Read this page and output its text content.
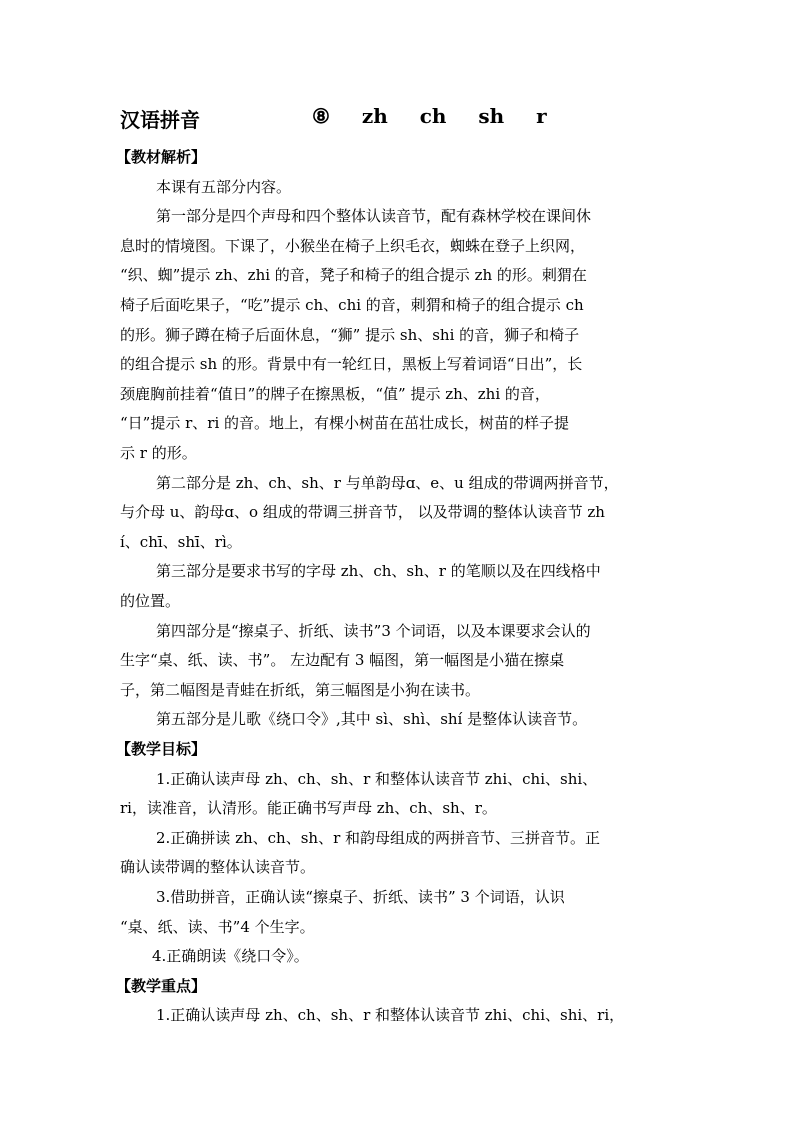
汉语拼音	⑧ zh ch sh r
【教材解析】
本课有五部分内容。
第一部分是四个声母和四个整体认读音节，配有森林学校在课间休
息时的情境图。下课了，小猴坐在椅子上织毛衣，蜘蛛在登子上织网，
“织、蜘”提示 zh、zhi 的音，凳子和椅子的组合提示 zh 的形。刺猬在
椅子后面吃果子，“吃”提示 ch、chi 的音，刺猬和椅子的组合提示 ch
的形。狮子蹲在椅子后面休息，“狮” 提示 sh、shi 的音，狮子和椅子
的组合提示 sh 的形。背景中有一轮红日，黑板上写着词语“日出”，长
颈鹿胸前挂着“值日”的牌子在擦黑板，“值” 提示 zh、zhi 的音，
“日”提示 r、ri 的音。地上，有棵小树苗在茁壮成长，树苗的样子提
示 r 的形。
第二部分是 zh、ch、sh、r 与单韵母ɑ、e、u 组成的带调两拼音节，
与介母 u、韵母ɑ、o 组成的带调三拼音节， 以及带调的整体认读音节 zh
í、chī、shī、rì。
第三部分是要求书写的字母 zh、ch、sh、r 的笔顺以及在四线格中
的位置。
第四部分是“擦桌子、折纸、读书”3 个词语，以及本课要求会认的
生字“桌、纸、读、书”。 左边配有 3 幅图，第一幅图是小猫在擦桌
子，第二幅图是青蛙在折纸，第三幅图是小狗在读书。
第五部分是儿歌《绕口令》,其中 sì、shì、shí 是整体认读音节。
【教学目标】
1.正确认读声母 zh、ch、sh、r 和整体认读音节 zhi、chi、shi、
ri，读准音，认清形。能正确书写声母 zh、ch、sh、r。
2.正确拼读 zh、ch、sh、r 和韵母组成的两拼音节、三拼音节。正
确认读带调的整体认读音节。
3.借助拼音，正确认读“擦桌子、折纸、读书” 3 个词语，认识
“桌、纸、读、书”4 个生字。
4.正确朗读《绕口令》。
【教学重点】
1.正确认读声母 zh、ch、sh、r 和整体认读音节 zhi、chi、shi、ri，
